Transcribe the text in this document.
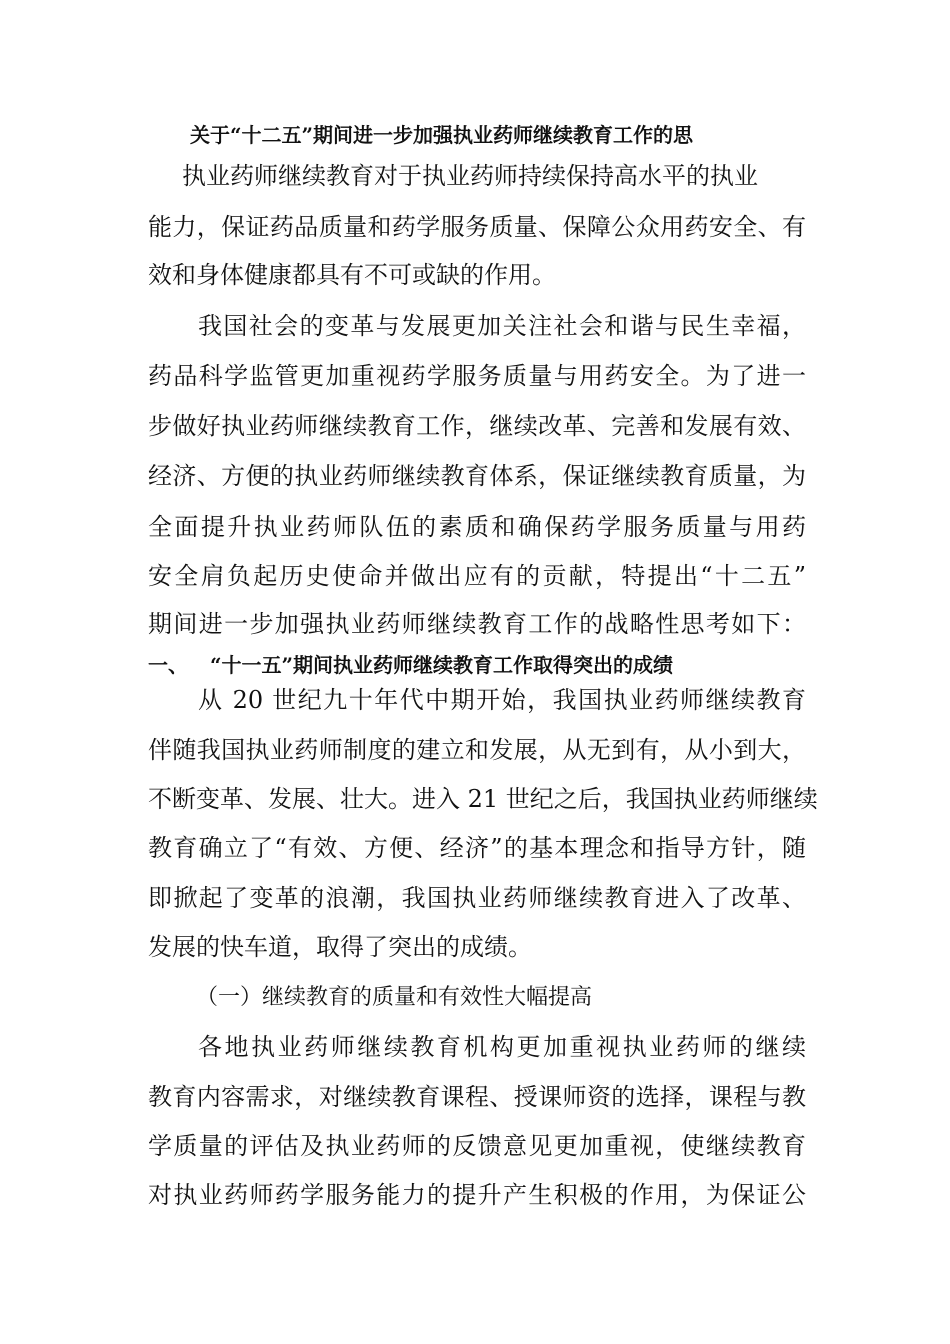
关于“十二五”期间进一步加强执业药师继续教育工作的思
执业药师继续教育对于执业药师持续保持高水平的执业
能力，保证药品质量和药学服务质量、保障公众用药安全、有
效和身体健康都具有不可或缺的作用。
我国社会的变革与发展更加关注社会和谐与民生幸福，
药品科学监管更加重视药学服务质量与用药安全。为了进一
步做好执业药师继续教育工作，继续改革、完善和发展有效、
经济、方便的执业药师继续教育体系，保证继续教育质量，为
全面提升执业药师队伍的素质和确保药学服务质量与用药
安全肩负起历史使命并做出应有的贡献，特提出“十二五”
期间进一步加强执业药师继续教育工作的战略性思考如下：
一、 “十一五”期间执业药师继续教育工作取得突出的成绩
从 20 世纪九十年代中期开始，我国执业药师继续教育
伴随我国执业药师制度的建立和发展，从无到有，从小到大，
不断变革、发展、壮大。进入 21 世纪之后，我国执业药师继续
教育确立了“有效、方便、经济”的基本理念和指导方针，随
即掀起了变革的浪潮，我国执业药师继续教育进入了改革、
发展的快车道，取得了突出的成绩。
（一）继续教育的质量和有效性大幅提高
各地执业药师继续教育机构更加重视执业药师的继续
教育内容需求，对继续教育课程、授课师资的选择，课程与教
学质量的评估及执业药师的反馈意见更加重视，使继续教育
对执业药师药学服务能力的提升产生积极的作用，为保证公
